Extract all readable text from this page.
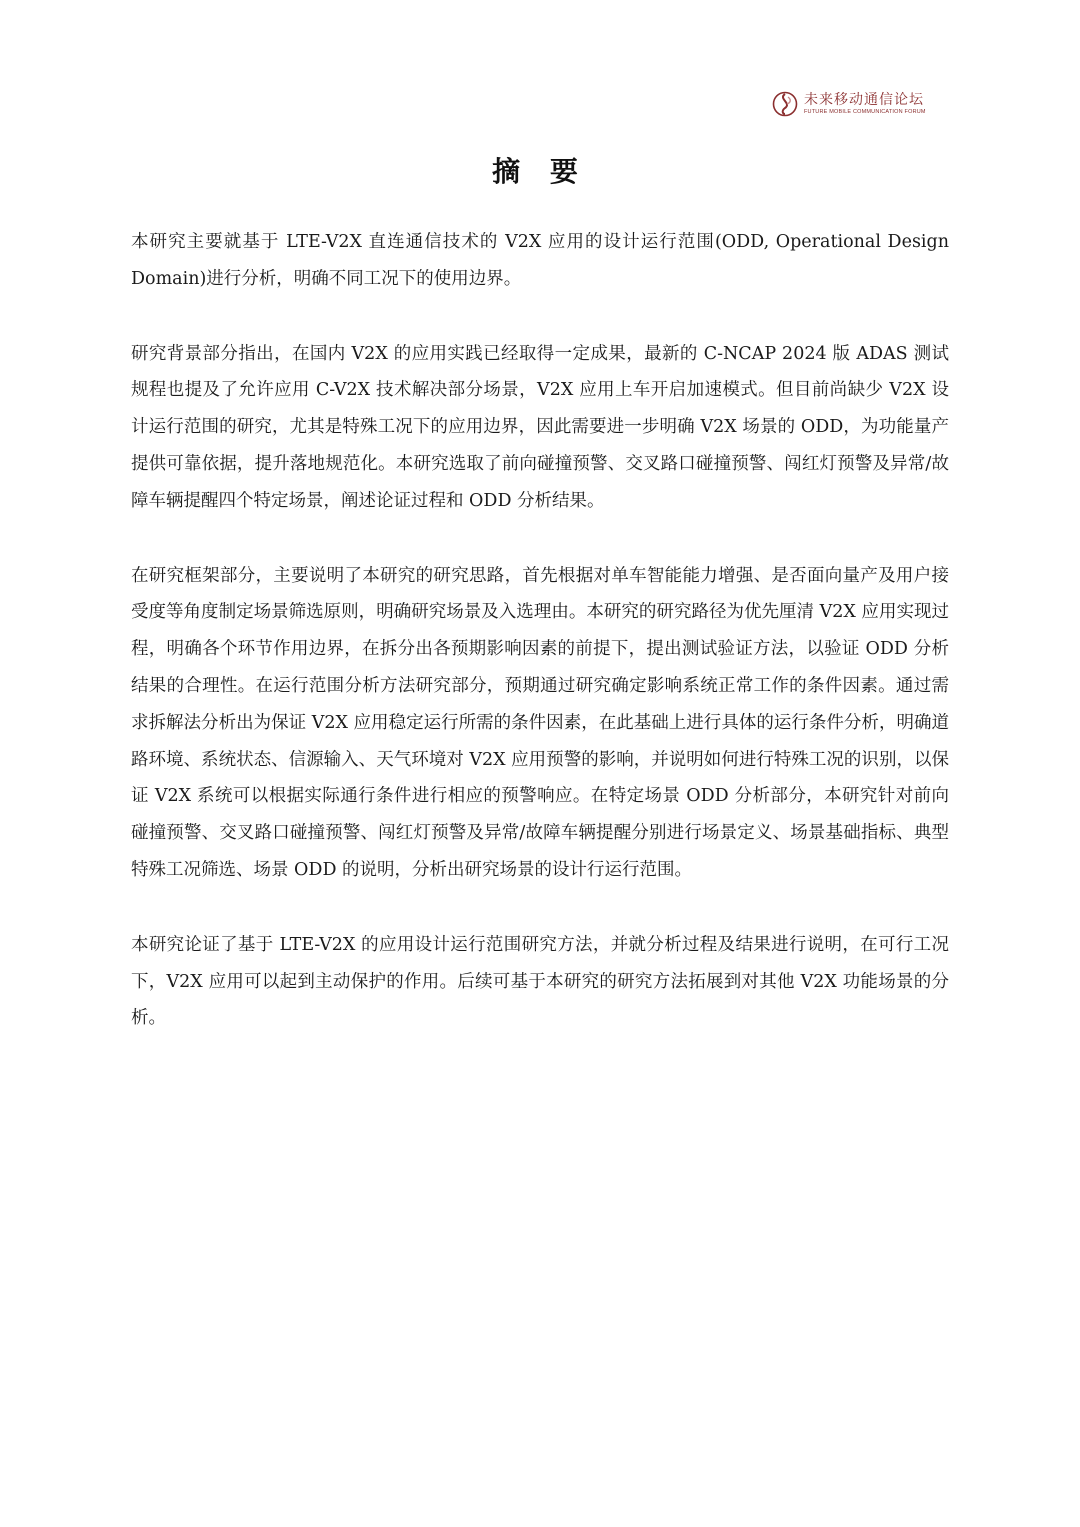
未来移动通信论坛
FUTURE MOBILE COMMUNICATION FORUM
摘 要

本研究主要就基于 LTE-V2X 直连通信技术的 V2X 应用的设计运行范围(ODD, Operational Design Domain)进行分析，明确不同工况下的使用边界。

研究背景部分指出，在国内 V2X 的应用实践已经取得一定成果，最新的 C-NCAP 2024 版 ADAS 测试规程也提及了允许应用 C-V2X 技术解决部分场景，V2X 应用上车开启加速模式。但目前尚缺少 V2X 设计运行范围的研究，尤其是特殊工况下的应用边界，因此需要进一步明确 V2X 场景的 ODD，为功能量产提供可靠依据，提升落地规范化。本研究选取了前向碰撞预警、交叉路口碰撞预警、闯红灯预警及异常/故障车辆提醒四个特定场景，阐述论证过程和 ODD 分析结果。

在研究框架部分，主要说明了本研究的研究思路，首先根据对单车智能能力增强、是否面向量产及用户接受度等角度制定场景筛选原则，明确研究场景及入选理由。本研究的研究路径为优先厘清 V2X 应用实现过程，明确各个环节作用边界，在拆分出各预期影响因素的前提下，提出测试验证方法，以验证 ODD 分析结果的合理性。在运行范围分析方法研究部分，预期通过研究确定影响系统正常工作的条件因素。通过需求拆解法分析出为保证 V2X 应用稳定运行所需的条件因素，在此基础上进行具体的运行条件分析，明确道路环境、系统状态、信源输入、天气环境对 V2X 应用预警的影响，并说明如何进行特殊工况的识别，以保证 V2X 系统可以根据实际通行条件进行相应的预警响应。在特定场景 ODD 分析部分，本研究针对前向碰撞预警、交叉路口碰撞预警、闯红灯预警及异常/故障车辆提醒分别进行场景定义、场景基础指标、典型特殊工况筛选、场景 ODD 的说明，分析出研究场景的设计行运行范围。

本研究论证了基于 LTE-V2X 的应用设计运行范围研究方法，并就分析过程及结果进行说明，在可行工况下，V2X 应用可以起到主动保护的作用。后续可基于本研究的研究方法拓展到对其他 V2X 功能场景的分析。
